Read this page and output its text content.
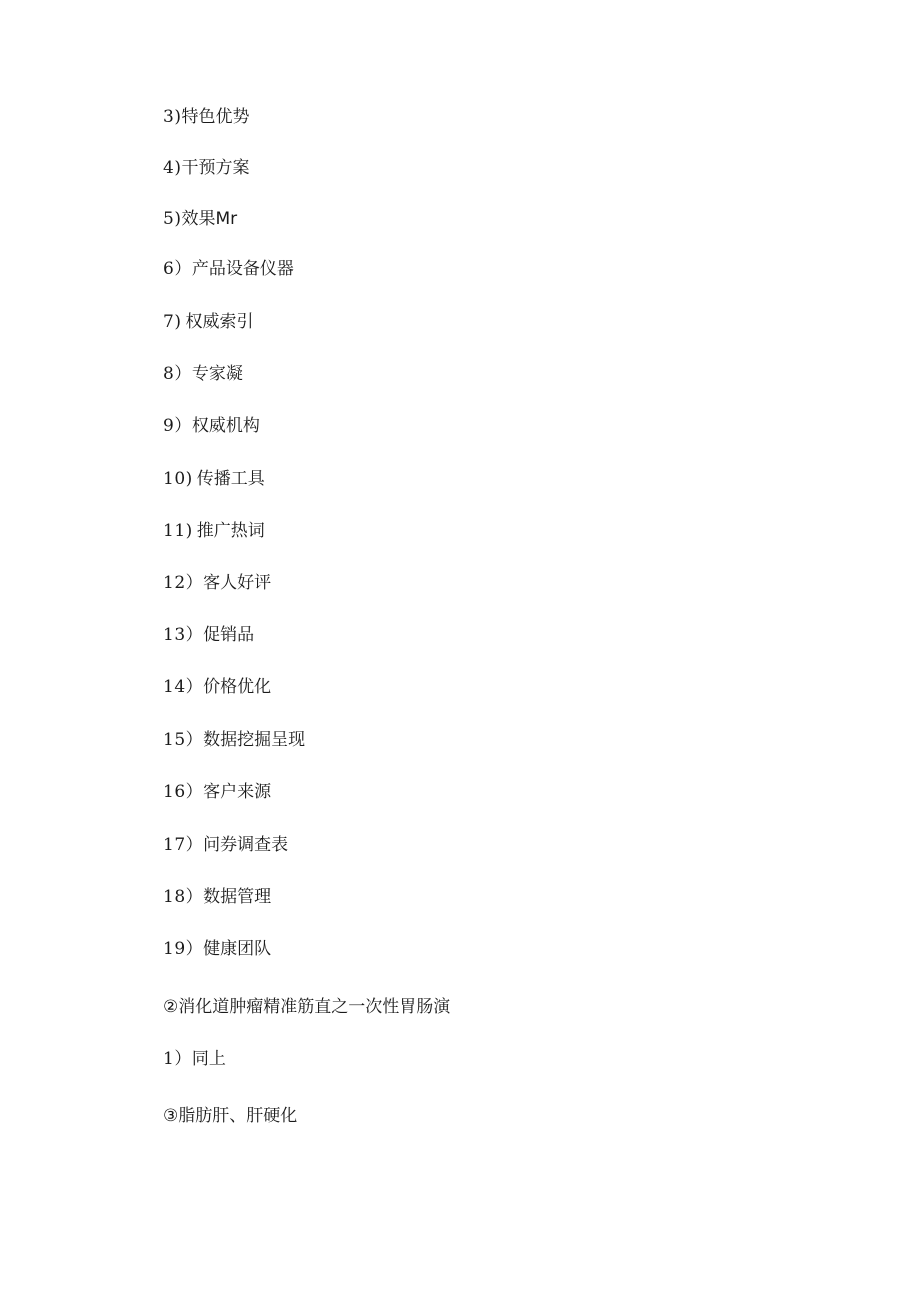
3)特色优势
4)干预方案
5)效果Mr
6）产品设备仪器
7) 权威索引
8）专家凝
9）权威机构
10) 传播工具
11) 推广热词
12）客人好评
13）促销品
14）价格优化
15）数据挖掘呈现
16）客户来源
17）问券调查表
18）数据管理
19）健康团队
②消化道肿瘤精准筋直之一次性胃肠演
1）同上
③脂肪肝、肝硬化
